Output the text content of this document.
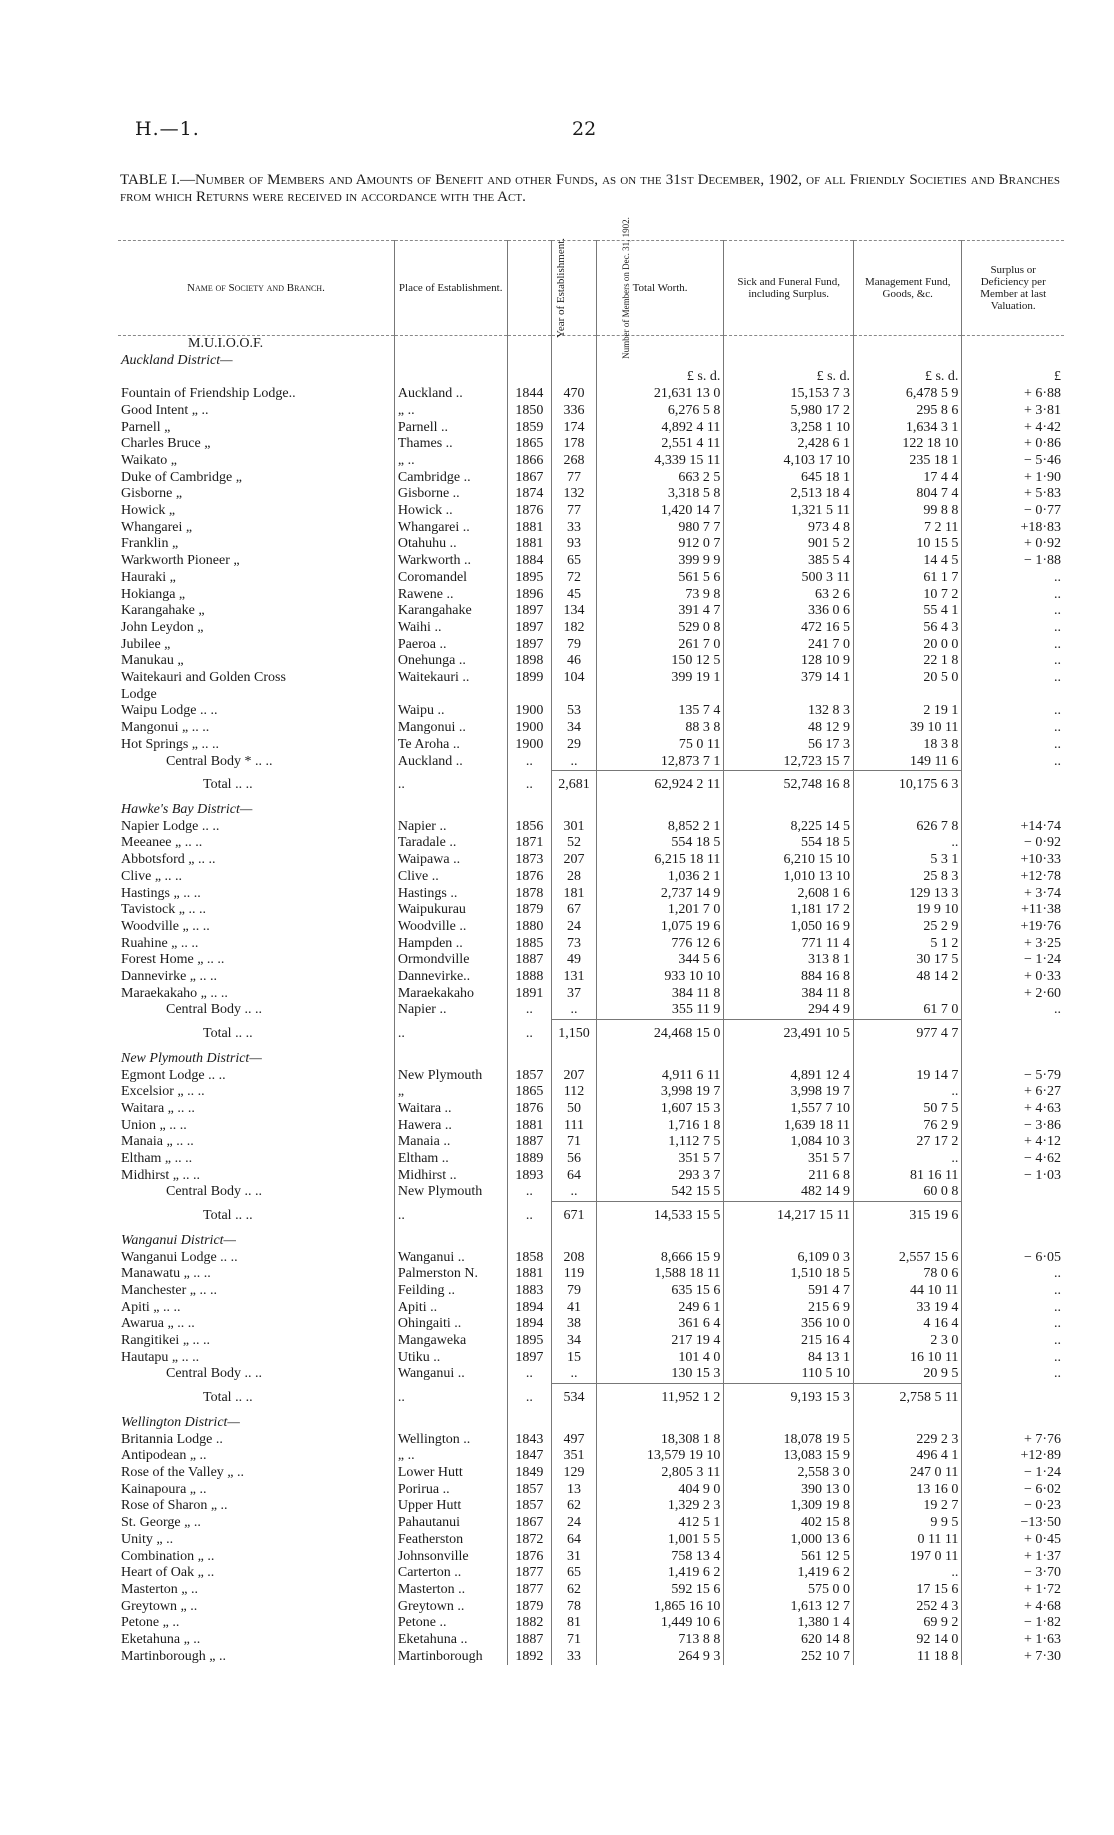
H.—1.	22
TABLE I.—Number of Members and Amounts of Benefit and other Funds, as on the 31st December, 1902, of all Friendly Societies and Branches from which Returns were received in accordance with the Act.
Name of Society and Branch.	Place of Establishment.	Year of Establishment.	Number of Members on Dec. 31, 1902.	Total Worth.	Sick and Funeral Fund, including Surplus.	Management Fund, Goods, &c.	Surplus or Deficiency per Member at last Valuation.
M.U.I.O.O.F.							
Auckland District—							
				£ s. d.	£ s. d.	£ s. d.	£
Fountain of Friendship Lodge..	Auckland ..	1844	470	21,631 13 0	15,153 7 3	6,478 5 9	+ 6·88
Good Intent „ ..	„ ..	1850	336	6,276 5 8	5,980 17 2	295 8 6	+ 3·81
Parnell „	Parnell ..	1859	174	4,892 4 11	3,258 1 10	1,634 3 1	+ 4·42
Charles Bruce „	Thames ..	1865	178	2,551 4 11	2,428 6 1	122 18 10	+ 0·86
Waikato „	„ ..	1866	268	4,339 15 11	4,103 17 10	235 18 1	− 5·46
Duke of Cambridge „	Cambridge ..	1867	77	663 2 5	645 18 1	17 4 4	+ 1·90
Gisborne „	Gisborne ..	1874	132	3,318 5 8	2,513 18 4	804 7 4	+ 5·83
Howick „	Howick ..	1876	77	1,420 14 7	1,321 5 11	99 8 8	− 0·77
Whangarei „	Whangarei ..	1881	33	980 7 7	973 4 8	7 2 11	+18·83
Franklin „	Otahuhu ..	1881	93	912 0 7	901 5 2	10 15 5	+ 0·92
Warkworth Pioneer „	Warkworth ..	1884	65	399 9 9	385 5 4	14 4 5	− 1·88
Hauraki „	Coromandel	1895	72	561 5 6	500 3 11	61 1 7	..
Hokianga „	Rawene ..	1896	45	73 9 8	63 2 6	10 7 2	..
Karangahake „	Karangahake	1897	134	391 4 7	336 0 6	55 4 1	..
John Leydon „	Waihi ..	1897	182	529 0 8	472 16 5	56 4 3	..
Jubilee „	Paeroa ..	1897	79	261 7 0	241 7 0	20 0 0	..
Manukau „	Onehunga ..	1898	46	150 12 5	128 10 9	22 1 8	..
Waitekauri and Golden Cross	Waitekauri ..	1899	104	399 19 1	379 14 1	20 5 0	..
Lodge							
Waipu Lodge .. ..	Waipu ..	1900	53	135 7 4	132 8 3	2 19 1	..
Mangonui „ .. ..	Mangonui ..	1900	34	88 3 8	48 12 9	39 10 11	..
Hot Springs „ .. ..	Te Aroha ..	1900	29	75 0 11	56 17 3	18 3 8	..
Central Body * .. ..	Auckland ..	..	..	12,873 7 1	12,723 15 7	149 11 6	..
Total .. ..	..	..	2,681	62,924 2 11	52,748 16 8	10,175 6 3	
Hawke's Bay District—							
Napier Lodge .. ..	Napier ..	1856	301	8,852 2 1	8,225 14 5	626 7 8	+14·74
Meeanee „ .. ..	Taradale ..	1871	52	554 18 5	554 18 5	..	− 0·92
Abbotsford „ .. ..	Waipawa ..	1873	207	6,215 18 11	6,210 15 10	5 3 1	+10·33
Clive „ .. ..	Clive ..	1876	28	1,036 2 1	1,010 13 10	25 8 3	+12·78
Hastings „ .. ..	Hastings ..	1878	181	2,737 14 9	2,608 1 6	129 13 3	+ 3·74
Tavistock „ .. ..	Waipukurau	1879	67	1,201 7 0	1,181 17 2	19 9 10	+11·38
Woodville „ .. ..	Woodville ..	1880	24	1,075 19 6	1,050 16 9	25 2 9	+19·76
Ruahine „ .. ..	Hampden ..	1885	73	776 12 6	771 11 4	5 1 2	+ 3·25
Forest Home „ .. ..	Ormondville	1887	49	344 5 6	313 8 1	30 17 5	− 1·24
Dannevirke „ .. ..	Dannevirke..	1888	131	933 10 10	884 16 8	48 14 2	+ 0·33
Maraekakaho „ .. ..	Maraekakaho	1891	37	384 11 8	384 11 8		+ 2·60
Central Body .. ..	Napier ..	..	..	355 11 9	294 4 9	61 7 0	..
Total .. ..	..	..	1,150	24,468 15 0	23,491 10 5	977 4 7	
New Plymouth District—							
Egmont Lodge .. ..	New Plymouth	1857	207	4,911 6 11	4,891 12 4	19 14 7	− 5·79
Excelsior „ .. ..	„	1865	112	3,998 19 7	3,998 19 7	..	+ 6·27
Waitara „ .. ..	Waitara ..	1876	50	1,607 15 3	1,557 7 10	50 7 5	+ 4·63
Union „ .. ..	Hawera ..	1881	111	1,716 1 8	1,639 18 11	76 2 9	− 3·86
Manaia „ .. ..	Manaia ..	1887	71	1,112 7 5	1,084 10 3	27 17 2	+ 4·12
Eltham „ .. ..	Eltham ..	1889	56	351 5 7	351 5 7	..	− 4·62
Midhirst „ .. ..	Midhirst ..	1893	64	293 3 7	211 6 8	81 16 11	− 1·03
Central Body .. ..	New Plymouth	..	..	542 15 5	482 14 9	60 0 8	
Total .. ..	..	..	671	14,533 15 5	14,217 15 11	315 19 6	
Wanganui District—							
Wanganui Lodge .. ..	Wanganui ..	1858	208	8,666 15 9	6,109 0 3	2,557 15 6	− 6·05
Manawatu „ .. ..	Palmerston N.	1881	119	1,588 18 11	1,510 18 5	78 0 6	..
Manchester „ .. ..	Feilding ..	1883	79	635 15 6	591 4 7	44 10 11	..
Apiti „ .. ..	Apiti ..	1894	41	249 6 1	215 6 9	33 19 4	..
Awarua „ .. ..	Ohingaiti ..	1894	38	361 6 4	356 10 0	4 16 4	..
Rangitikei „ .. ..	Mangaweka	1895	34	217 19 4	215 16 4	2 3 0	..
Hautapu „ .. ..	Utiku ..	1897	15	101 4 0	84 13 1	16 10 11	..
Central Body .. ..	Wanganui ..	..	..	130 15 3	110 5 10	20 9 5	..
Total .. ..	..	..	534	11,952 1 2	9,193 15 3	2,758 5 11	
Wellington District—							
Britannia Lodge ..	Wellington ..	1843	497	18,308 1 8	18,078 19 5	229 2 3	+ 7·76
Antipodean „ ..	„ ..	1847	351	13,579 19 10	13,083 15 9	496 4 1	+12·89
Rose of the Valley „ ..	Lower Hutt	1849	129	2,805 3 11	2,558 3 0	247 0 11	− 1·24
Kainapoura „ ..	Porirua ..	1857	13	404 9 0	390 13 0	13 16 0	− 6·02
Rose of Sharon „ ..	Upper Hutt	1857	62	1,329 2 3	1,309 19 8	19 2 7	− 0·23
St. George „ ..	Pahautanui	1867	24	412 5 1	402 15 8	9 9 5	−13·50
Unity „ ..	Featherston	1872	64	1,001 5 5	1,000 13 6	0 11 11	+ 0·45
Combination „ ..	Johnsonville	1876	31	758 13 4	561 12 5	197 0 11	+ 1·37
Heart of Oak „ ..	Carterton ..	1877	65	1,419 6 2	1,419 6 2	..	− 3·70
Masterton „ ..	Masterton ..	1877	62	592 15 6	575 0 0	17 15 6	+ 1·72
Greytown „ ..	Greytown ..	1879	78	1,865 16 10	1,613 12 7	252 4 3	+ 4·68
Petone „ ..	Petone ..	1882	81	1,449 10 6	1,380 1 4	69 9 2	− 1·82
Eketahuna „ ..	Eketahuna ..	1887	71	713 8 8	620 14 8	92 14 0	+ 1·63
Martinborough „ ..	Martinborough	1892	33	264 9 3	252 10 7	11 18 8	+ 7·30
